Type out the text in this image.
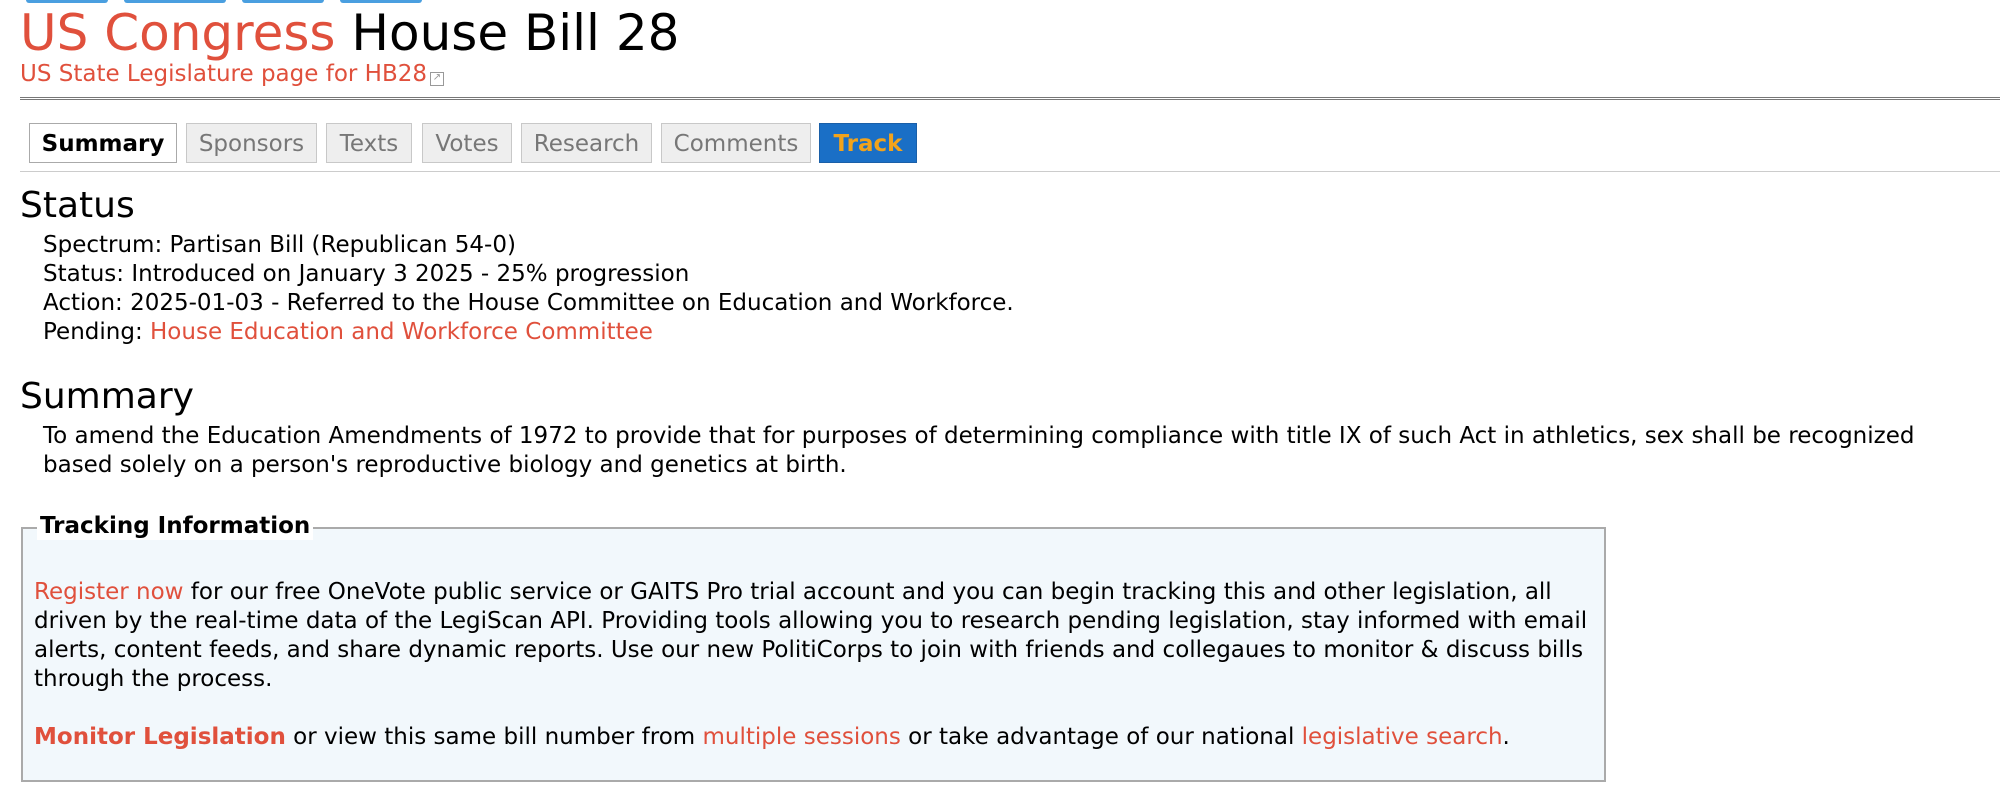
US Congress House Bill 28
US State Legislature page for HB28 ↗
Summary	Sponsors	Texts	Votes	Research	Comments	Track
Status
Spectrum: Partisan Bill (Republican 54-0)
Status: Introduced on January 3 2025 - 25% progression
Action: 2025-01-03 - Referred to the House Committee on Education and Workforce.
Pending: House Education and Workforce Committee
Summary
To amend the Education Amendments of 1972 to provide that for purposes of determining compliance with title IX of such Act in athletics, sex shall be recognized based solely on a person's reproductive biology and genetics at birth.
Tracking Information
Register now for our free OneVote public service or GAITS Pro trial account and you can begin tracking this and other legislation, all driven by the real-time data of the LegiScan API. Providing tools allowing you to research pending legislation, stay informed with email alerts, content feeds, and share dynamic reports. Use our new PolitiCorps to join with friends and collegaues to monitor & discuss bills through the process.
Monitor Legislation or view this same bill number from multiple sessions or take advantage of our national legislative search.
